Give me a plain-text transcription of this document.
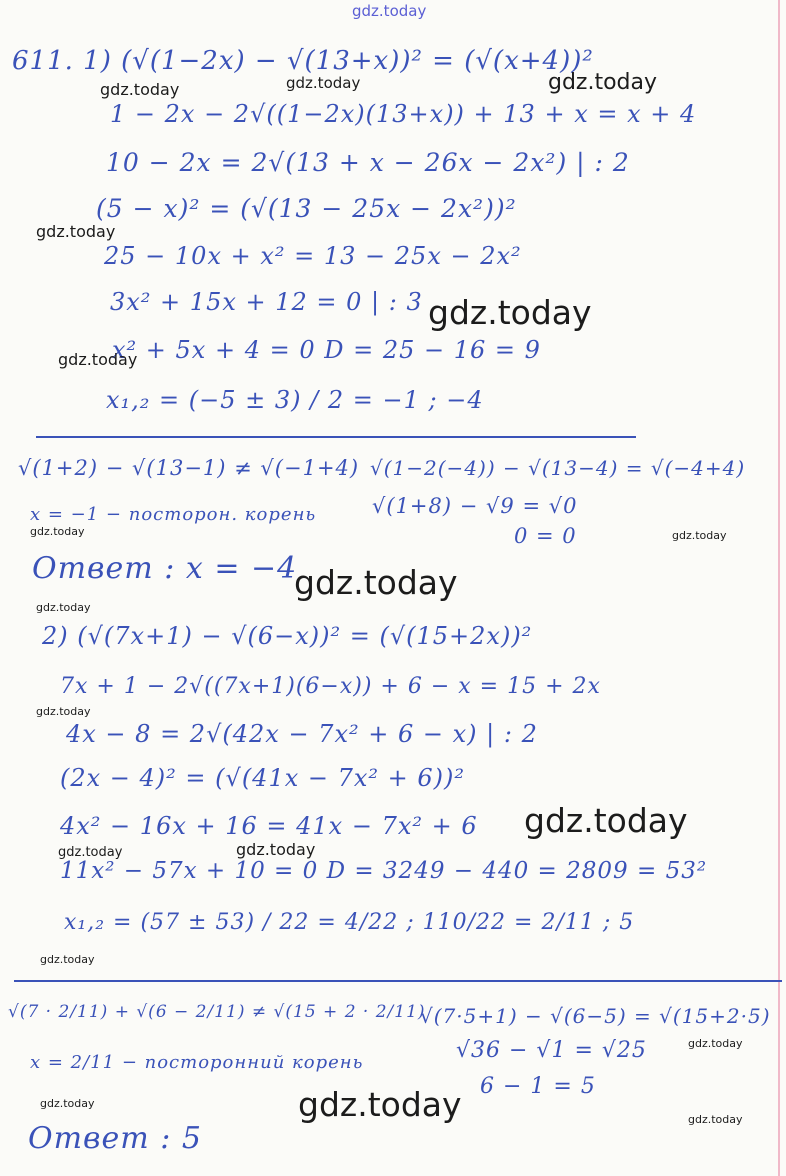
gdz.today
611. 1) (√(1−2x) − √(13+x))² = (√(x+4))²
1 − 2x − 2√((1−2x)(13+x)) + 13 + x = x + 4
10 − 2x = 2√(13 + x − 26x − 2x²) | : 2
(5 − x)² = (√(13 − 25x − 2x²))²
25 − 10x + x² = 13 − 25x − 2x²
3x² + 15x + 12 = 0 | : 3
x² + 5x + 4 = 0 D = 25 − 16 = 9
x₁,₂ = (−5 ± 3) / 2 = −1 ; −4
√(1+2) − √(13−1) ≠ √(−1+4)
x = −1 − посторон. корень
√(1−2(−4)) − √(13−4) = √(−4+4)
√(1+8) − √9 = √0
0 = 0
Ответ : x = −4
2) (√(7x+1) − √(6−x))² = (√(15+2x))²
7x + 1 − 2√((7x+1)(6−x)) + 6 − x = 15 + 2x
4x − 8 = 2√(42x − 7x² + 6 − x) | : 2
(2x − 4)² = (√(41x − 7x² + 6))²
4x² − 16x + 16 = 41x − 7x² + 6
11x² − 57x + 10 = 0 D = 3249 − 440 = 2809 = 53²
x₁,₂ = (57 ± 53) / 22 = 4/22 ; 110/22 = 2/11 ; 5
√(7 · 2/11) + √(6 − 2/11) ≠ √(15 + 2 · 2/11)
x = 2/11 − посторонний корень
√(7·5+1) − √(6−5) = √(15+2·5)
√36 − √1 = √25
6 − 1 = 5
Ответ : 5
gdz.today
gdz.today	gdz.today
gdz.today
gdz.today
gdz.today
gdz.today	gdz.today
gdz.today
gdz.today
gdz.today
gdz.today
gdz.today	gdz.today
gdz.today
gdz.today
gdz.today
gdz.today
gdz.today
